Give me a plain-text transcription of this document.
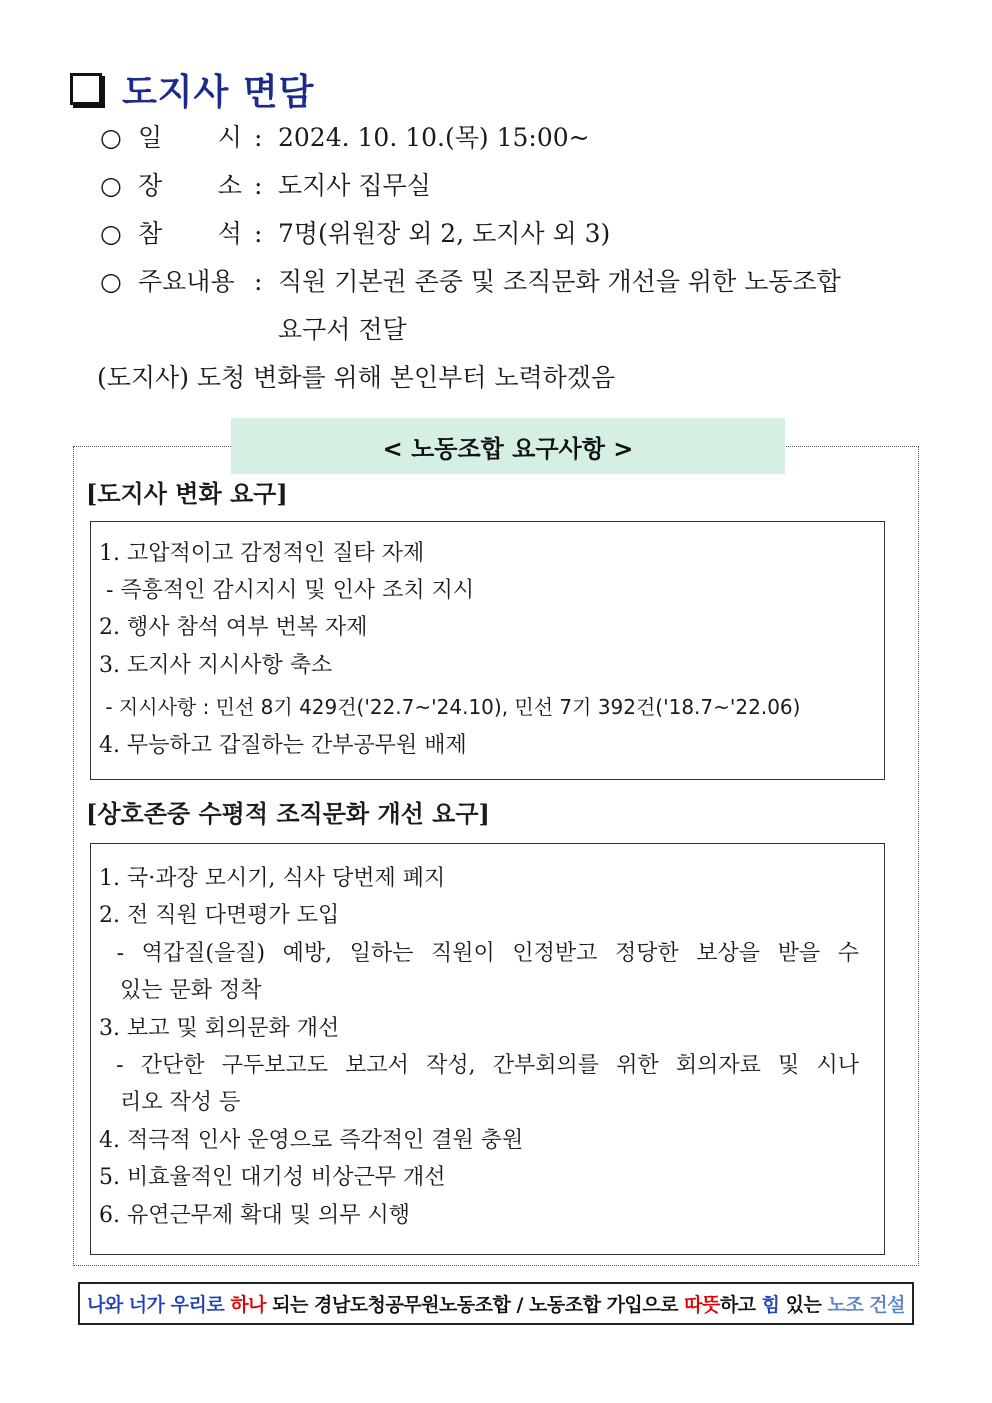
도지사 면담
○ 일       시 : 2024. 10. 10.(목) 15:00~
○ 장       소 : 도지사 집무실
○ 참       석 : 7명(위원장 외 2, 도지사 외 3)
○ 주요내용 : 직원 기본권 존중 및 조직문화 개선을 위한 노동조합
요구서 전달
(도지사) 도청 변화를 위해 본인부터 노력하겠음
< 노동조합 요구사항 >
[도지사 변화 요구]
1. 고압적이고 감정적인 질타 자제
- 즉흥적인 감시지시 및 인사 조치 지시
2. 행사 참석 여부 번복 자제
3. 도지사 지시사항 축소
- 지시사항 : 민선 8기 429건('22.7~'24.10), 민선 7기 392건('18.7~'22.06)
4. 무능하고 갑질하는 간부공무원 배제
[상호존중 수평적 조직문화 개선 요구]
1. 국·과장 모시기, 식사 당번제 폐지
2. 전 직원 다면평가 도입
- 역갑질(을질) 예방, 일하는 직원이 인정받고 정당한 보상을 받을 수
있는 문화 정착
3. 보고 및 회의문화 개선
- 간단한 구두보고도 보고서 작성, 간부회의를 위한 회의자료 및 시나
리오 작성 등
4. 적극적 인사 운영으로 즉각적인 결원 충원
5. 비효율적인 대기성 비상근무 개선
6. 유연근무제 확대 및 의무 시행
나와 너가 우리로 하나 되는 경남도청공무원노동조합 / 노동조합 가입으로 따뜻 하고 힘 있는 노조 건설
